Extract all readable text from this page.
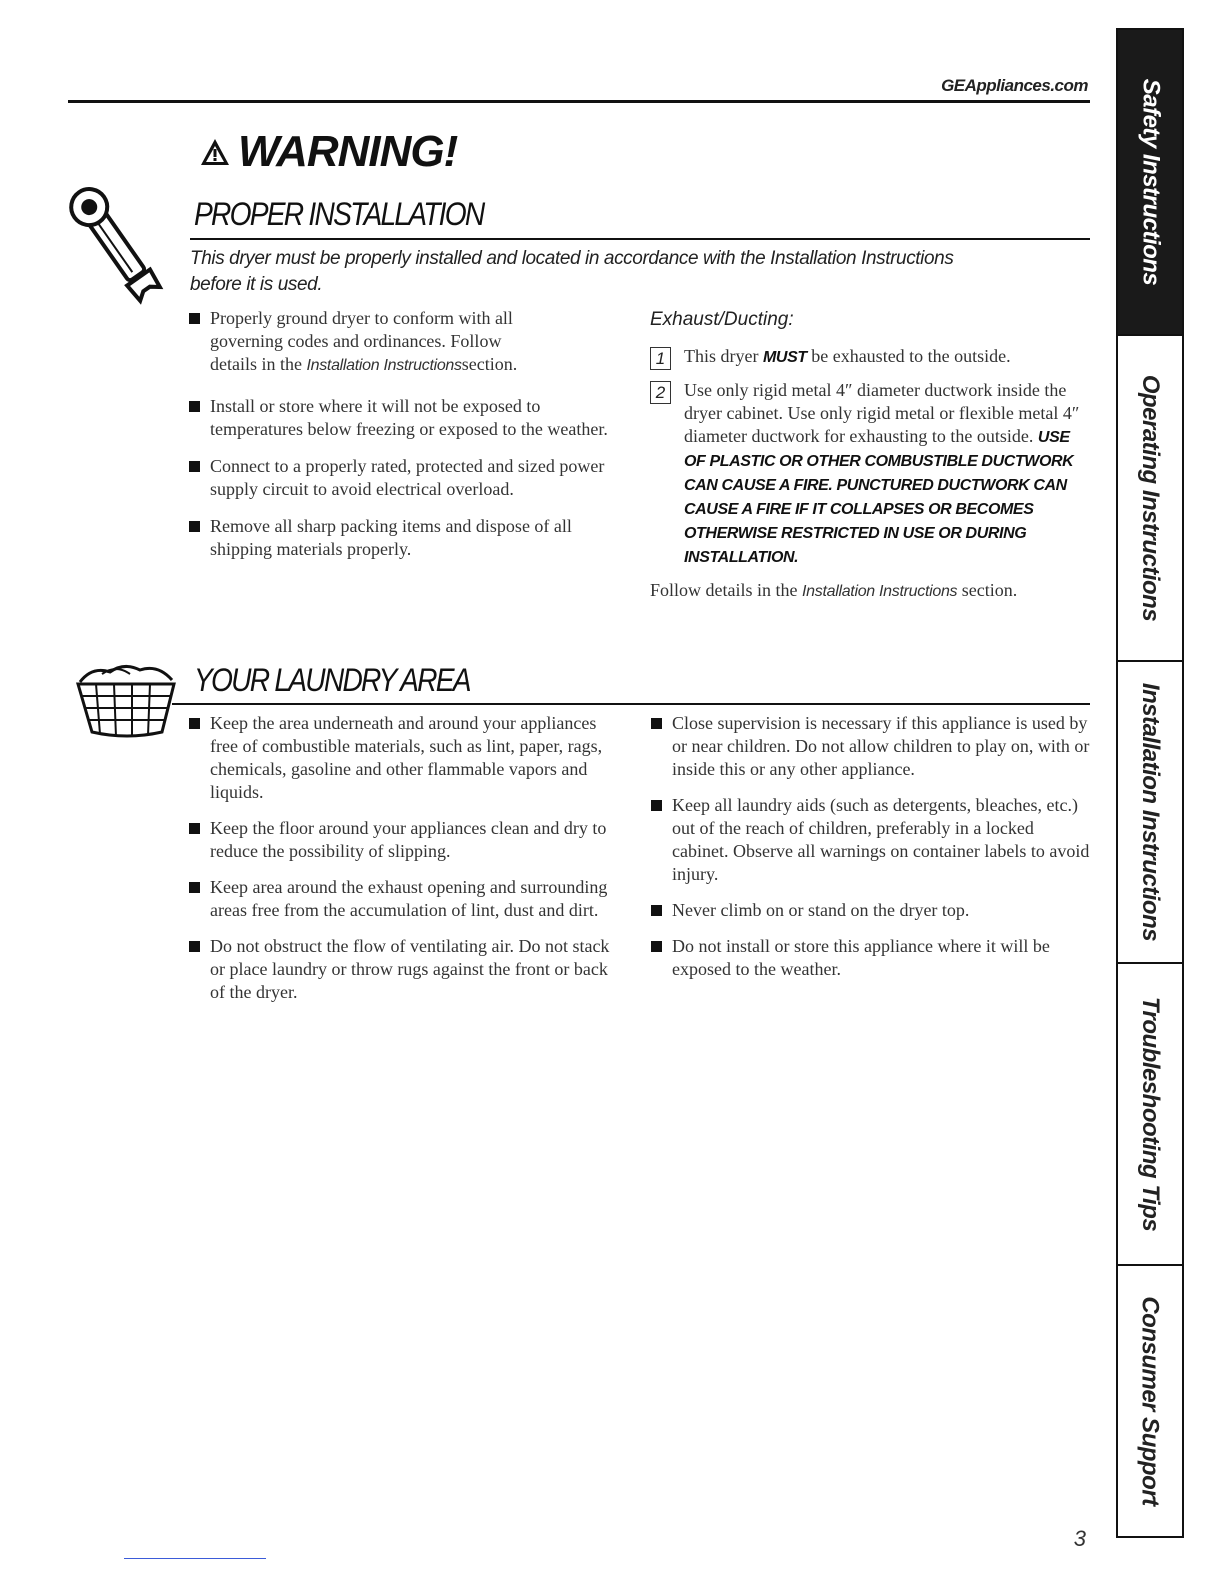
GEAppliances.com
WARNING!
PROPER INSTALLATION
This dryer must be properly installed and located in accordance with the Installation Instructions
before it is used.
Properly ground dryer to conform with all
governing codes and ordinances. Follow
details in the Installation Instructionssection.
Install or store where it will not be exposed to temperatures below freezing or exposed to the weather.
Connect to a properly rated, protected and sized power supply circuit to avoid electrical overload.
Remove all sharp packing items and dispose of all shipping materials properly.
Exhaust/Ducting:
1	This dryer MUST be exhausted to the outside.
2	Use only rigid metal 4″ diameter ductwork inside the dryer cabinet. Use only rigid metal or flexible metal 4″ diameter ductwork for exhausting to the outside. USE OF PLASTIC OR OTHER COMBUSTIBLE DUCTWORK CAN CAUSE A FIRE. PUNCTURED DUCTWORK CAN CAUSE A FIRE IF IT COLLAPSES OR BECOMES OTHERWISE RESTRICTED IN USE OR DURING INSTALLATION.
Follow details in the Installation Instructions section.
YOUR LAUNDRY AREA
Keep the area underneath and around your appliances free of combustible materials, such as lint, paper, rags, chemicals, gasoline and other flammable vapors and liquids.
Keep the floor around your appliances clean and dry to reduce the possibility of slipping.
Keep area around the exhaust opening and surrounding areas free from the accumulation of lint, dust and dirt.
Do not obstruct the flow of ventilating air. Do not stack or place laundry or throw rugs against the front or back of the dryer.
Close supervision is necessary if this appliance is used by or near children. Do not allow children to play on, with or inside this or any other appliance.
Keep all laundry aids (such as detergents, bleaches, etc.) out of the reach of children, preferably in a locked cabinet. Observe all warnings on container labels to avoid injury.
Never climb on or stand on the dryer top.
Do not install or store this appliance where it will be exposed to the weather.
Safety Instructions
Operating Instructions
Installation Instructions
Troubleshooting Tips
Consumer Support
3
